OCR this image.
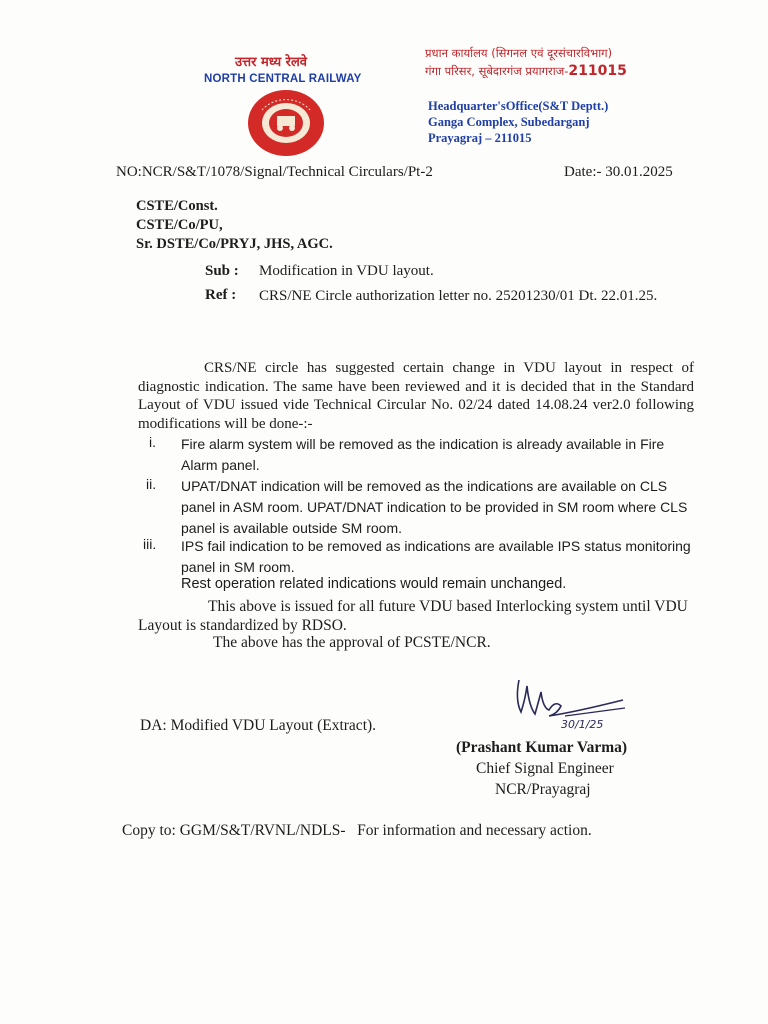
उत्तर मध्य रेलवे
NORTH CENTRAL RAILWAY
प्रधान कार्यालय (सिगनल एवं दूरसंचारविभाग)
गंगा परिसर, सूबेदारगंज प्रयागराज-211015
Headquarter'sOffice(S&T Deptt.)
Ganga Complex, Subedarganj
Prayagraj – 211015
NO:NCR/S&T/1078/Signal/Technical Circulars/Pt-2	Date:- 30.01.2025
CSTE/Const.
CSTE/Co/PU,
Sr. DSTE/Co/PRYJ, JHS, AGC.
Sub : Modification in VDU layout.
Ref : CRS/NE Circle authorization letter no. 25201230/01 Dt. 22.01.25.
CRS/NE circle has suggested certain change in VDU layout in respect of diagnostic indication. The same have been reviewed and it is decided that in the Standard Layout of VDU issued vide Technical Circular No. 02/24 dated 14.08.24 ver2.0 following modifications will be done-:-
i. Fire alarm system will be removed as the indication is already available in Fire Alarm panel.
ii. UPAT/DNAT indication will be removed as the indications are available on CLS panel in ASM room. UPAT/DNAT indication to be provided in SM room where CLS panel is available outside SM room.
iii. IPS fail indication to be removed as indications are available IPS status monitoring panel in SM room.
Rest operation related indications would remain unchanged.
This above is issued for all future VDU based Interlocking system until VDU Layout is standardized by RDSO.
The above has the approval of PCSTE/NCR.
DA: Modified VDU Layout (Extract).	30/1/25
(Prashant Kumar Varma)
Chief Signal Engineer
NCR/Prayagraj
Copy to: GGM/S&T/RVNL/NDLS-   For information and necessary action.
